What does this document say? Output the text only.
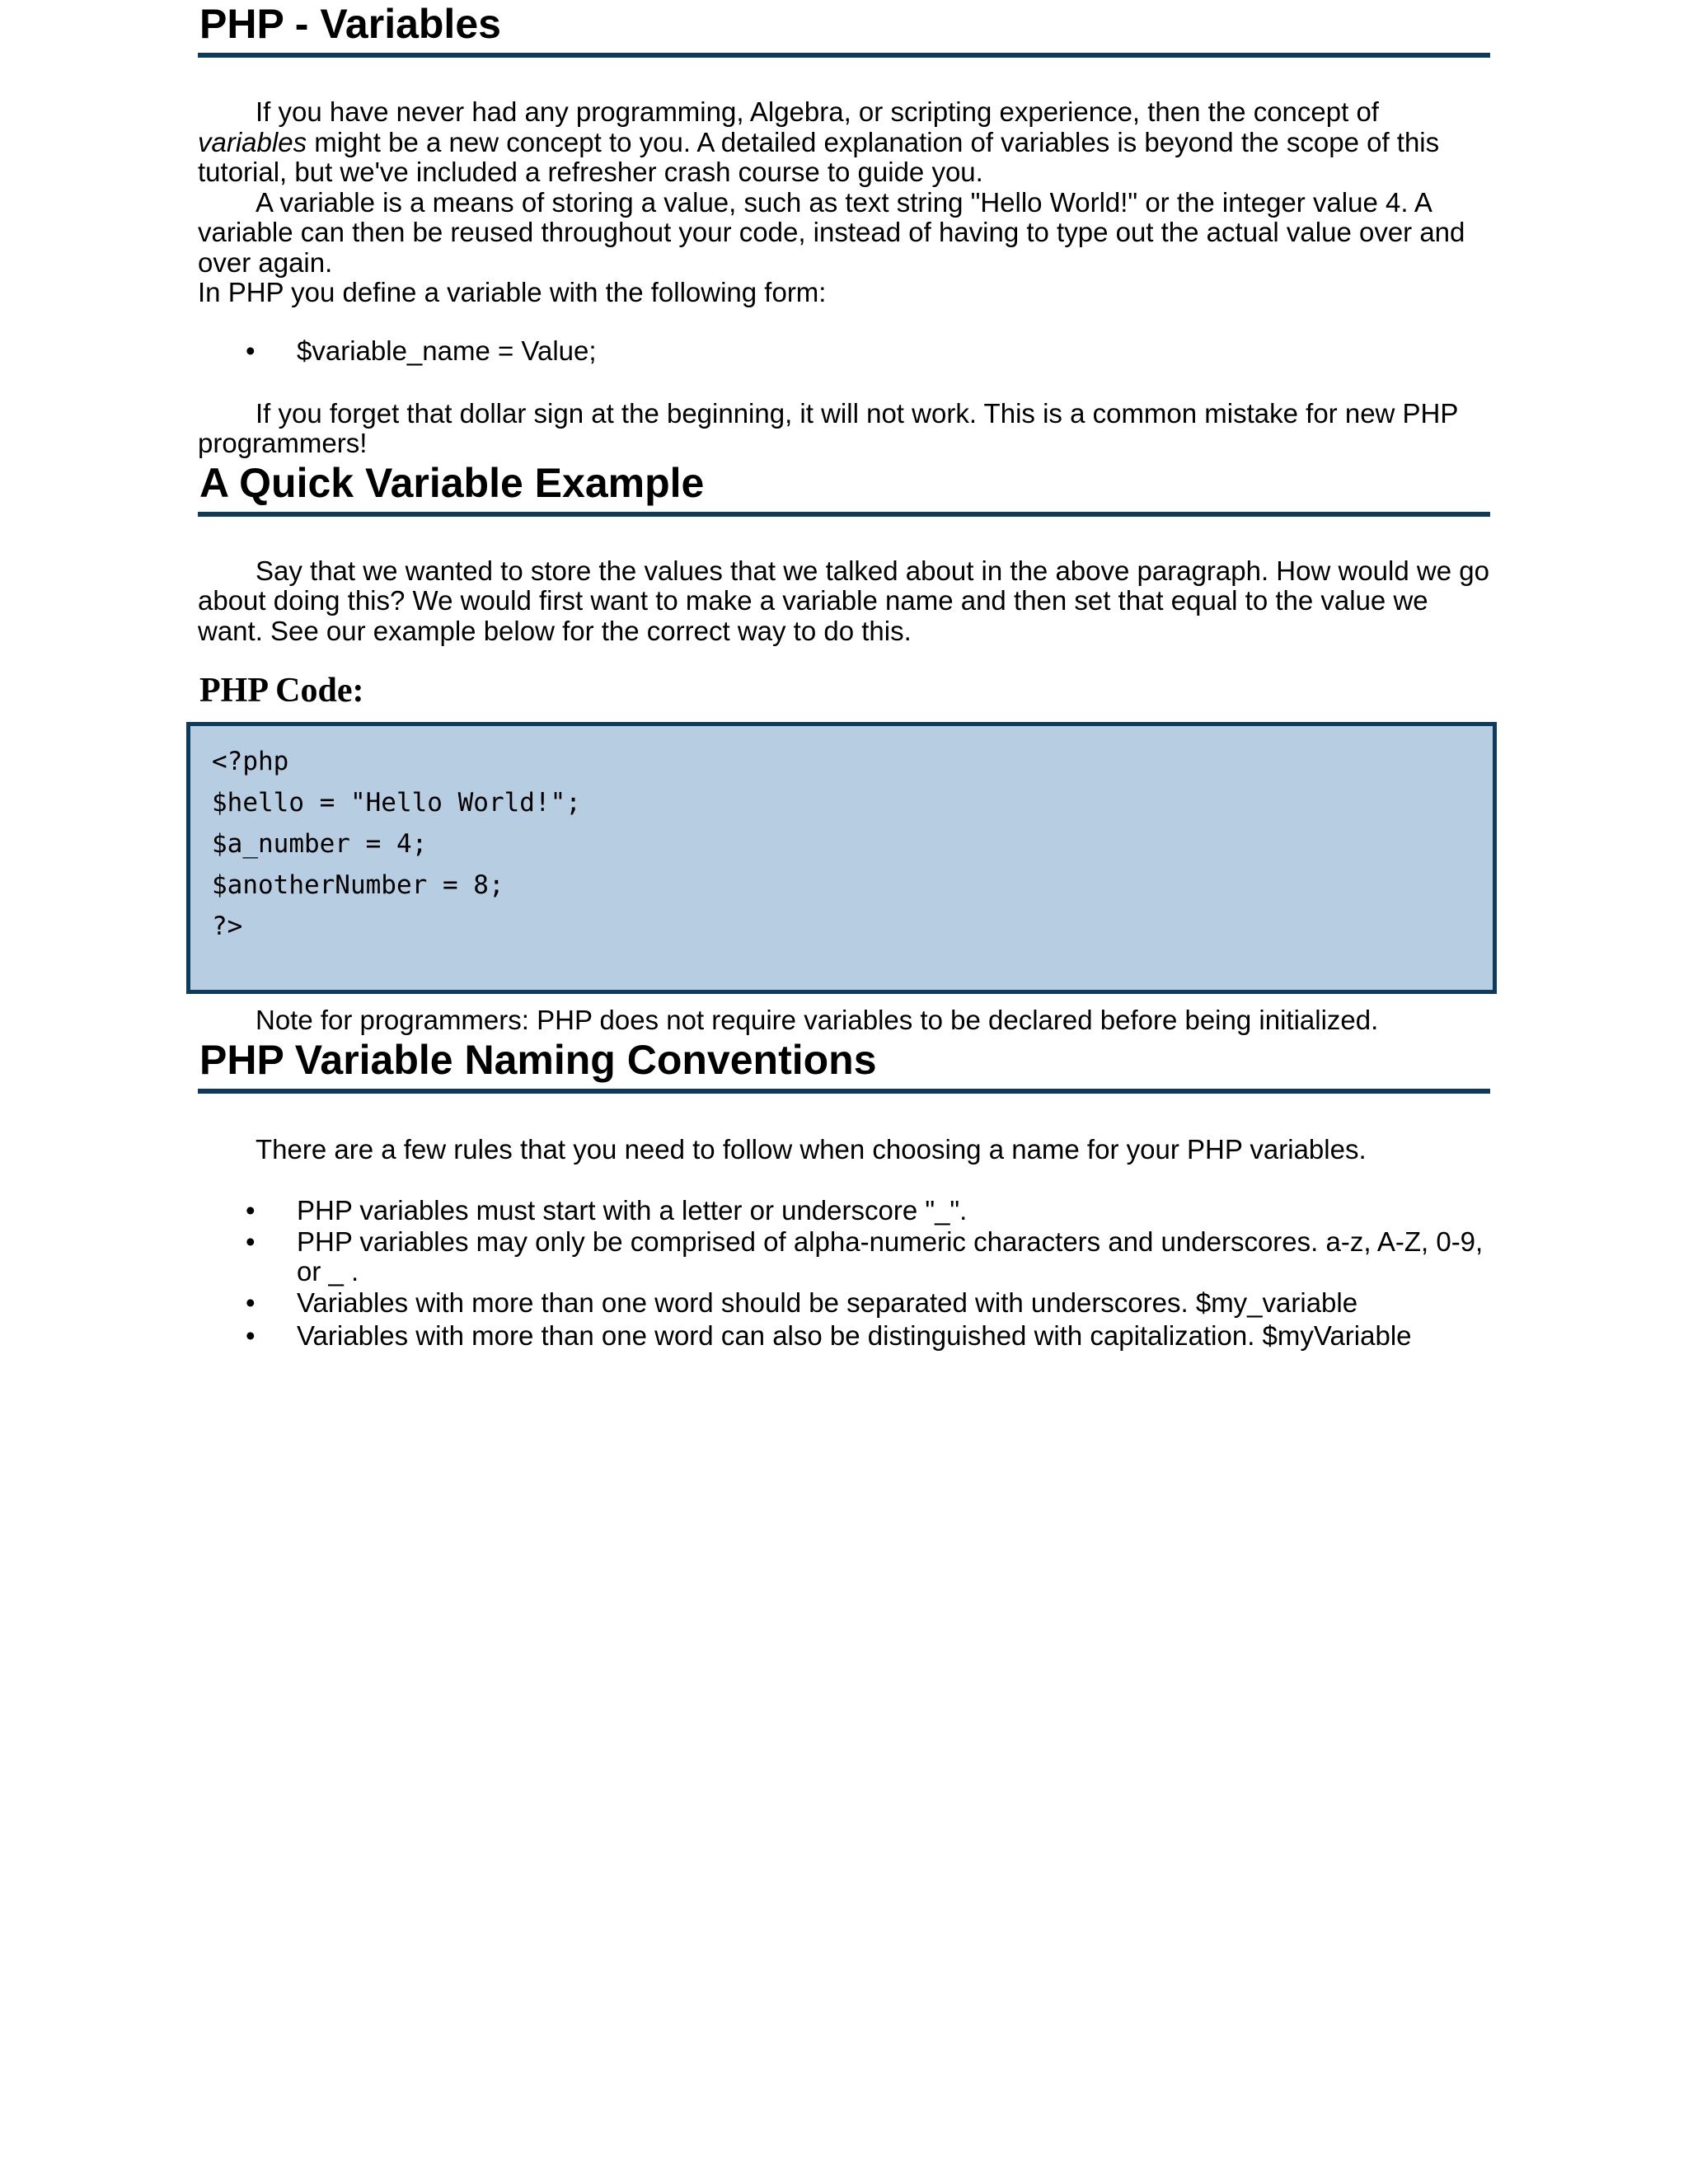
PHP - Variables

If you have never had any programming, Algebra, or scripting experience, then the concept of variables might be a new concept to you. A detailed explanation of variables is beyond the scope of this tutorial, but we've included a refresher crash course to guide you.

A variable is a means of storing a value, such as text string "Hello World!" or the integer value 4. A variable can then be reused throughout your code, instead of having to type out the actual value over and over again.

In PHP you define a variable with the following form:

• $variable_name = Value;

If you forget that dollar sign at the beginning, it will not work. This is a common mistake for new PHP programmers!

A Quick Variable Example

Say that we wanted to store the values that we talked about in the above paragraph. How would we go about doing this? We would first want to make a variable name and then set that equal to the value we want. See our example below for the correct way to do this.

PHP Code:
<?php
$hello = "Hello World!";
$a_number = 4;
$anotherNumber = 8;
?>

Note for programmers: PHP does not require variables to be declared before being initialized.

PHP Variable Naming Conventions

There are a few rules that you need to follow when choosing a name for your PHP variables.

• PHP variables must start with a letter or underscore "_".
• PHP variables may only be comprised of alpha-numeric characters and underscores. a-z, A-Z, 0-9, or _ .
• Variables with more than one word should be separated with underscores. $my_variable
• Variables with more than one word can also be distinguished with capitalization. $myVariable
